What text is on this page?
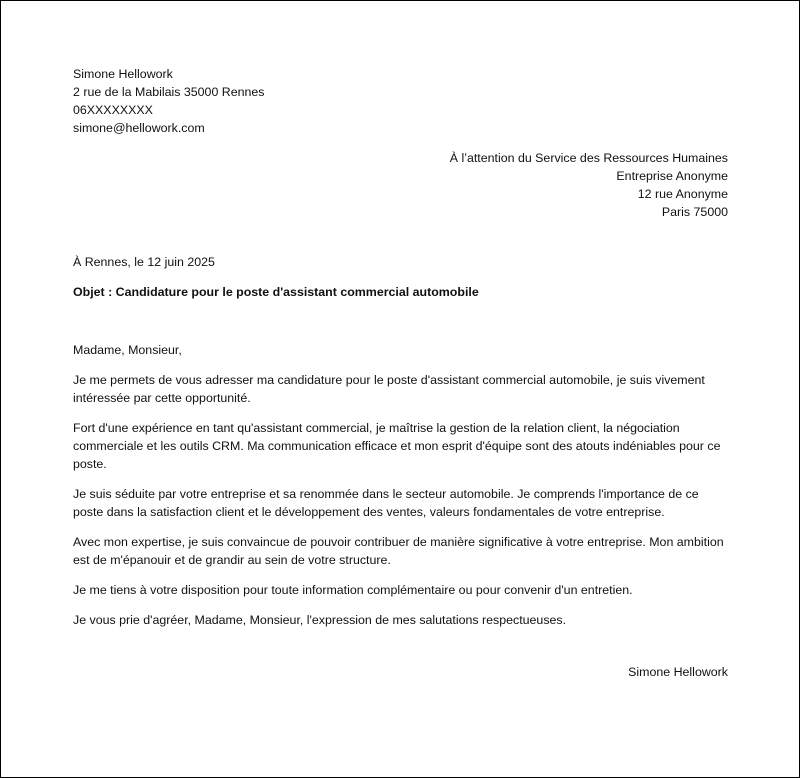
Simone Hellowork
2 rue de la Mabilais 35000 Rennes
06XXXXXXXX
simone@hellowork.com
À l’attention du Service des Ressources Humaines
Entreprise Anonyme
12 rue Anonyme
Paris 75000
À Rennes, le 12 juin 2025
Objet : Candidature pour le poste d'assistant commercial automobile
Madame, Monsieur,

Je me permets de vous adresser ma candidature pour le poste d'assistant commercial automobile, je suis vivement intéressée par cette opportunité.

Fort d'une expérience en tant qu'assistant commercial, je maîtrise la gestion de la relation client, la négociation commerciale et les outils CRM. Ma communication efficace et mon esprit d'équipe sont des atouts indéniables pour ce poste.

Je suis séduite par votre entreprise et sa renommée dans le secteur automobile. Je comprends l'importance de ce poste dans la satisfaction client et le développement des ventes, valeurs fondamentales de votre entreprise.

Avec mon expertise, je suis convaincue de pouvoir contribuer de manière significative à votre entreprise. Mon ambition est de m'épanouir et de grandir au sein de votre structure.

Je me tiens à votre disposition pour toute information complémentaire ou pour convenir d'un entretien.

Je vous prie d'agréer, Madame, Monsieur, l'expression de mes salutations respectueuses.

Simone Hellowork
